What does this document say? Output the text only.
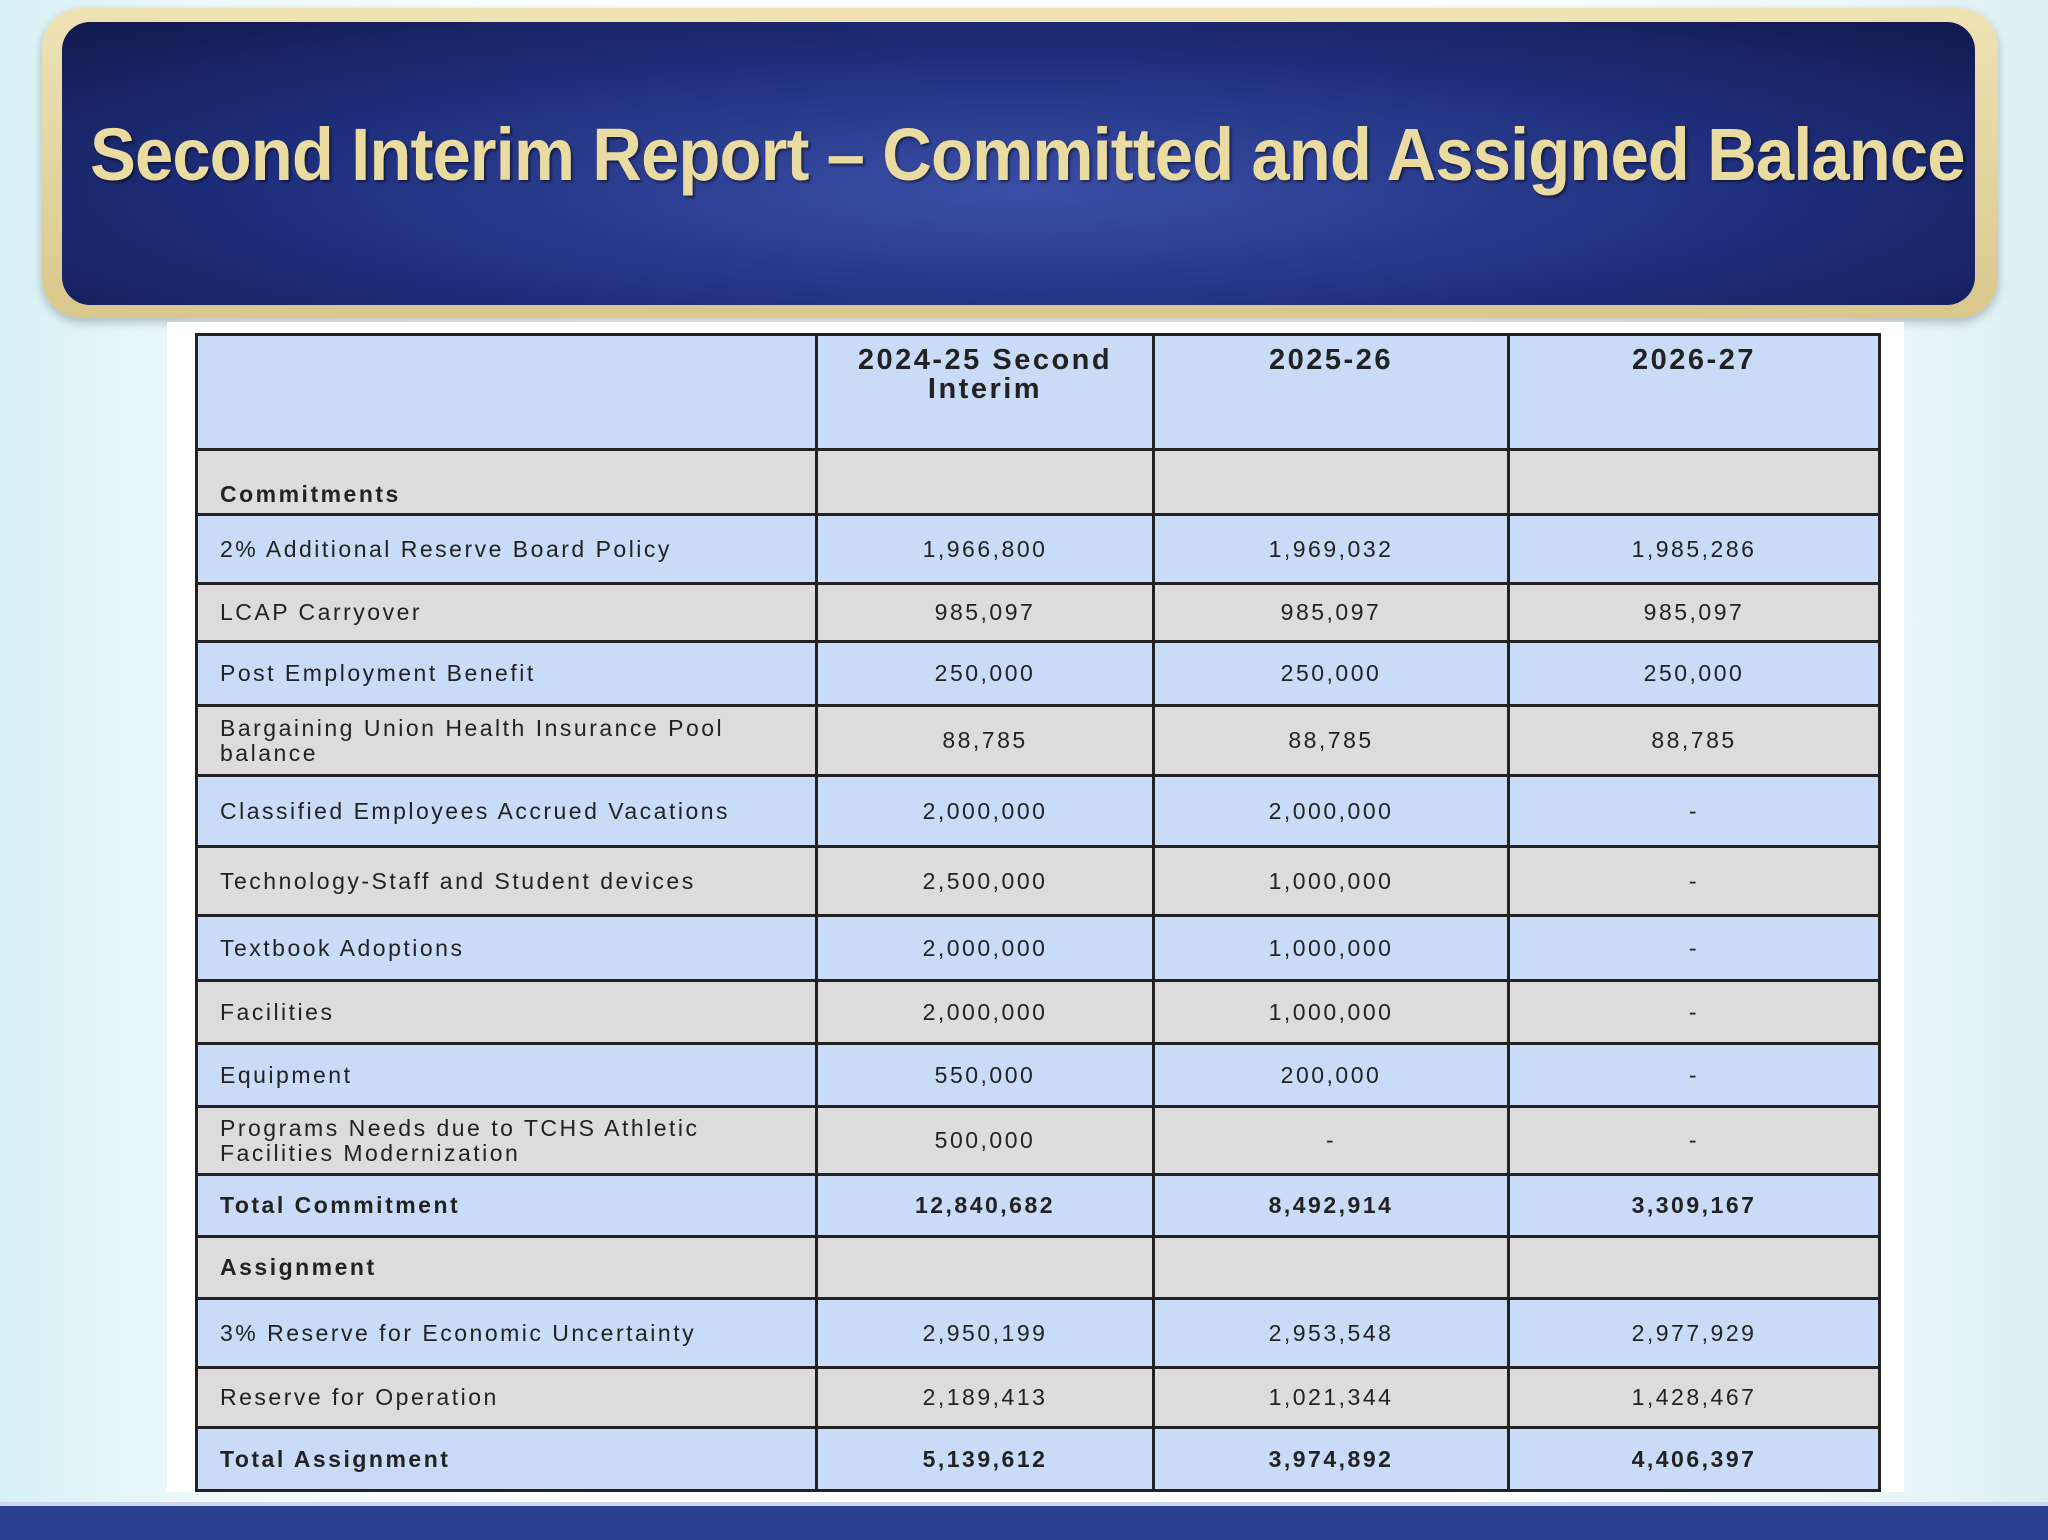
Second Interim Report – Committed and Assigned Balance
	2024-25 Second Interim	2025-26	2026-27
Commitments			
2% Additional Reserve Board Policy	1,966,800	1,969,032	1,985,286
LCAP Carryover	985,097	985,097	985,097
Post Employment Benefit	250,000	250,000	250,000
Bargaining Union Health Insurance Pool balance	88,785	88,785	88,785
Classified Employees Accrued Vacations	2,000,000	2,000,000	-
Technology-Staff and Student devices	2,500,000	1,000,000	-
Textbook Adoptions	2,000,000	1,000,000	-
Facilities	2,000,000	1,000,000	-
Equipment	550,000	200,000	-
Programs Needs due to TCHS Athletic Facilities Modernization	500,000	-	-
Total Commitment	12,840,682	8,492,914	3,309,167
Assignment			
3% Reserve for Economic Uncertainty	2,950,199	2,953,548	2,977,929
Reserve for Operation	2,189,413	1,021,344	1,428,467
Total Assignment	5,139,612	3,974,892	4,406,397
